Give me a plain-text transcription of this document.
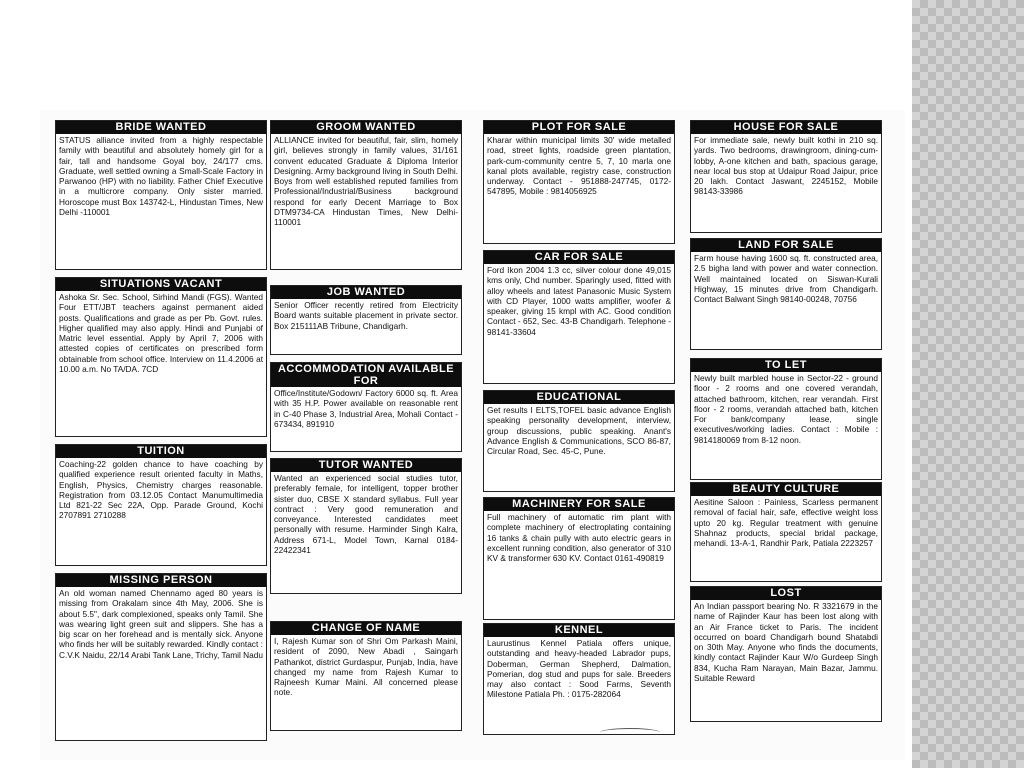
BRIDE WANTED
STATUS alliance invited from a highly respectable family with beautiful and absolutely homely girl for a fair, tall and handsome Goyal boy, 24/177 cms. Graduate, well settled owning a Small-Scale Factory in Parwanoo (HP) with no liability. Father Chief Executive in a multicrore company. Only sister married. Horoscope must Box 143742-L, Hindustan Times, New Delhi -110001
SITUATIONS VACANT
Ashoka Sr. Sec. School, Sirhind Mandi (FGS). Wanted Four ETT/JBT teachers against permanent aided posts. Qualifications and grade as per Pb. Govt. rules. Higher qualified may also apply. Hindi and Punjabi of Matric level essential. Apply by April 7, 2006 with attested copies of certificates on prescribed form obtainable from school office. Interview on 11.4.2006 at 10.00 a.m. No TA/DA. 7CD
TUITION
Coaching-22 golden chance to have coaching by qualified experience result oriented faculty in Maths, English, Physics, Chemistry charges reasonable. Registration from 03.12.05 Contact Manumultimedia Ltd 821-22 Sec 22A, Opp. Parade Ground, Kochi 2707891 2710288
MISSING PERSON
An old woman named Chennamo aged 80 years is missing from Orakalam since 4th May, 2006. She is about 5.5", dark complexioned, speaks only Tamil. She was wearing light green suit and slippers. She has a big scar on her forehead and is mentally sick. Anyone who finds her will be suitably rewarded. Kindly contact : C.V.K Naidu, 22/14 Arabi Tank Lane, Trichy, Tamil Nadu
GROOM WANTED
ALLIANCE invited for beautiful, fair, slim, homely girl, believes strongly in family values, 31/161 convent educated Graduate & Diploma Interior Designing. Army background living in South Delhi. Boys from well established reputed families from Professional/Industrial/Business background respond for early Decent Marriage to Box DTM9734-CA Hindustan Times, New Delhi-110001
JOB WANTED
Senior Officer recently retired from Electricity Board wants suitable placement in private sector. Box 215111AB Tribune, Chandigarh.
ACCOMMODATION AVAILABLE FOR
Office/Institute/Godown/ Factory 6000 sq. ft. Area with 35 H.P. Power available on reasonable rent in C-40 Phase 3, Industrial Area, Mohali Contact - 673434, 891910
TUTOR WANTED
Wanted an experienced social studies tutor, preferably female, for intelligent, topper brother sister duo, CBSE X standard syllabus. Full year contract : Very good remuneration and conveyance. Interested candidates meet personally with resume. Harminder Singh Kalra, Address 671-L, Model Town, Karnal 0184-22422341
CHANGE OF NAME
I, Rajesh Kumar son of Shri Om Parkash Maini, resident of 2090, New Abadi , Saingarh Pathankot, district Gurdaspur, Punjab, India, have changed my name from Rajesh Kumar to Rajneesh Kumar Maini. All concerned please note.
PLOT FOR SALE
Kharar within municipal limits 30' wide metalled road, street lights, roadside green plantation, park-cum-community centre 5, 7, 10 marla one kanal plots available, registry case, construction underway. Contact - 951888-247745, 0172-547895, Mobile : 9814056925
CAR FOR SALE
Ford Ikon 2004 1.3 cc, silver colour done 49,015 kms only, Chd number. Sparingly used, fitted with alloy wheels and latest Panasonic Music System with CD Player, 1000 watts amplifier, woofer & speaker, giving 15 kmpl with AC. Good condition Contact - 652, Sec. 43-B Chandigarh. Telephone - 98141-33604
EDUCATIONAL
Get results I ELTS,TOFEL basic advance English speaking personality development, interview, group discussions, public speaking. Anant's Advance English & Communications, SCO 86-87, Circular Road, Sec. 45-C, Pune.
MACHINERY FOR SALE
Full machinery of automatic rim plant with complete machinery of electroplating containing 16 tanks & chain pully with auto electric gears in excellent running condition, also generator of 310 KV & transformer 630 KV. Contact 0161-490819
KENNEL
Laurustinus Kennel Patiala offers unique, outstanding and heavy-headed Labrador pups, Doberman, German Shepherd, Dalmation, Pomerian, dog stud and pups for sale. Breeders may also contact : Sood Farms, Seventh Milestone Patiala Ph. : 0175-282064
HOUSE FOR SALE
For immediate sale, newly built kothi in 210 sq. yards. Two bedrooms, drawingroom, dining-cum-lobby, A-one kitchen and bath, spacious garage, near local bus stop at Udaipur Road Jaipur, price 20 lakh. Contact Jaswant, 2245152, Mobile 98143-33986
LAND FOR SALE
Farm house having 1600 sq. ft. constructed area, 2.5 bigha land with power and water connection. Well maintained located on Siswan-Kurali Highway, 15 minutes drive from Chandigarh. Contact Balwant Singh 98140-00248, 70756
TO LET
Newly built marbled house in Sector-22 - ground floor - 2 rooms and one covered verandah, attached bathroom, kitchen, rear verandah. First floor - 2 rooms, verandah attached bath, kitchen For bank/company lease, single executives/working ladies. Contact : Mobile : 9814180069 from 8-12 noon.
BEAUTY CULTURE
Aesitine Saloon : Painless, Scarless permanent removal of facial hair, safe, effective weight loss upto 20 kg. Regular treatment with genuine Shahnaz products, special bridal package, mehandi. 13-A-1, Randhir Park, Patiala 2223257
LOST
An Indian passport bearing No. R 3321679 in the name of Rajinder Kaur has been lost along with an Air France ticket to Paris. The incident occurred on board Chandigarh bound Shatabdi on 30th May. Anyone who finds the documents, kindly contact Rajinder Kaur W/o Gurdeep Singh 834, Kucha Ram Narayan, Main Bazar, Jammu. Suitable Reward
